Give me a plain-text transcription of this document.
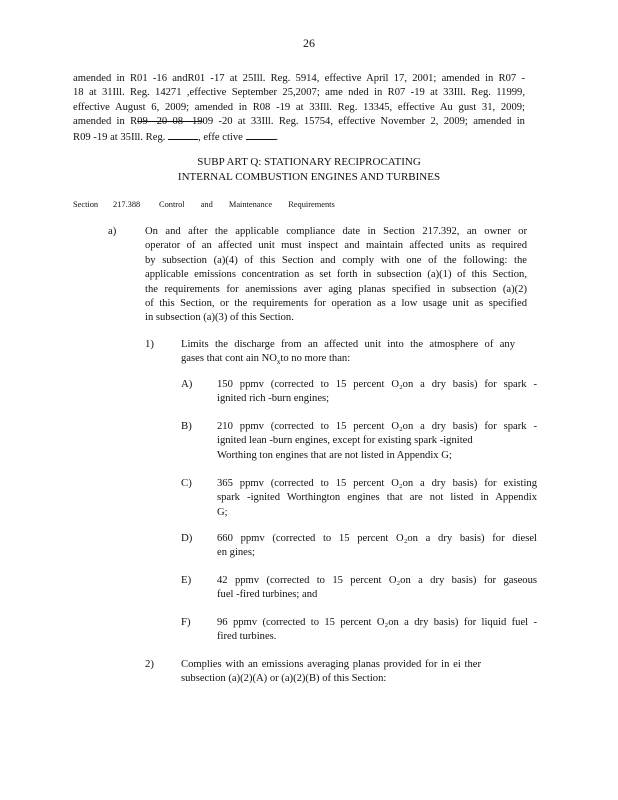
26
amended in R01 -16 andR01 -17 at 25Ill. Reg. 5914, effective April 17, 2001; amended in R07 -
18 at 31Ill. Reg. 14271 ,effective September 25,2007; ame nded in R07 -19 at 33Ill. Reg. 11999,
effective August 6, 2009; amended in R08 -19 at 33Ill. Reg. 13345, effective Au gust 31, 2009;
amended in R09 -20 08 -1909 -20 at 33Ill. Reg. 15754, effective November 2, 2009; amended in
R09 -19 at 35Ill. Reg.	, effe ctive	.
SUBP ART Q: STATIONARY RECIPROCATING
INTERNAL COMBUSTION ENGINES AND TURBINES
Section 217.388 Control and Maintenance Requirements
a)	On and after the applicable compliance date in Section 217.392, an owner or
operator of an affected unit must inspect and maintain affected units as required
by subsection (a)(4) of this Section and comply with one of the following: the
applicable emissions concentration as set forth in subsection (a)(1) of this Section,
the requirements for anemissions aver aging planas specified in subsection (a)(2)
of this Section, or the requirements for operation as a low usage unit as specified
in subsection (a)(3) of this Section.
1)	Limits the discharge from an affected unit into the atmosphere of any
gases that cont ain $NO_xto$ no more than:
A) 150 ppmv (corrected to 15 percent O₂on a dry basis) for spark -
ignited rich -burn engines;
B) 210 ppmv (corrected to 15 percent O₂on a dry basis) for spark -
ignited lean -burn engines, except for existing spark -ignited
Worthing ton engines that are not listed in Appendix G;
C) 365 ppmv (corrected to 15 percent O₂on a dry basis) for existing
spark -ignited Worthington engines that are not listed in Appendix
G;
D) 660 ppmv (corrected to 15 percent O₂on a dry basis) for diesel
en gines;
E) 42 ppmv (corrected to 15 percent O₂on a dry basis) for gaseous
fuel -fired turbines; and
F) 96 ppmv (corrected to 15 percent O₂on a dry basis) for liquid fuel -
fired turbines.
2)	Complies with an emissions averaging planas provided for in ei ther
subsection (a)(2)(A) or (a)(2)(B) of this Section:
